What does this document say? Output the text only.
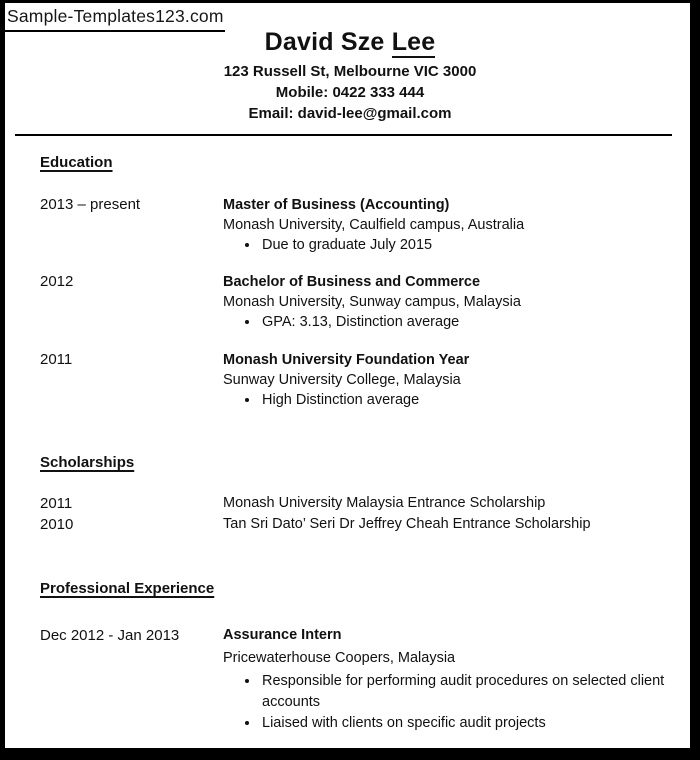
Sample-Templates123.com
David Sze Lee
123 Russell St, Melbourne VIC 3000
Mobile: 0422 333 444
Email: david-lee@gmail.com
Education
2013 – present	Master of Business (Accounting)
Monash University, Caulfield campus, Australia
• Due to graduate July 2015
2012	Bachelor of Business and Commerce
Monash University, Sunway campus, Malaysia
• GPA: 3.13, Distinction average
2011	Monash University Foundation Year
Sunway University College, Malaysia
• High Distinction average
Scholarships
2011	Monash University Malaysia Entrance Scholarship
2010	Tan Sri Dato’ Seri Dr Jeffrey Cheah Entrance Scholarship
Professional Experience
Dec 2012 - Jan 2013	Assurance Intern
Pricewaterhouse Coopers, Malaysia
• Responsible for performing audit procedures on selected client accounts
• Liaised with clients on specific audit projects
